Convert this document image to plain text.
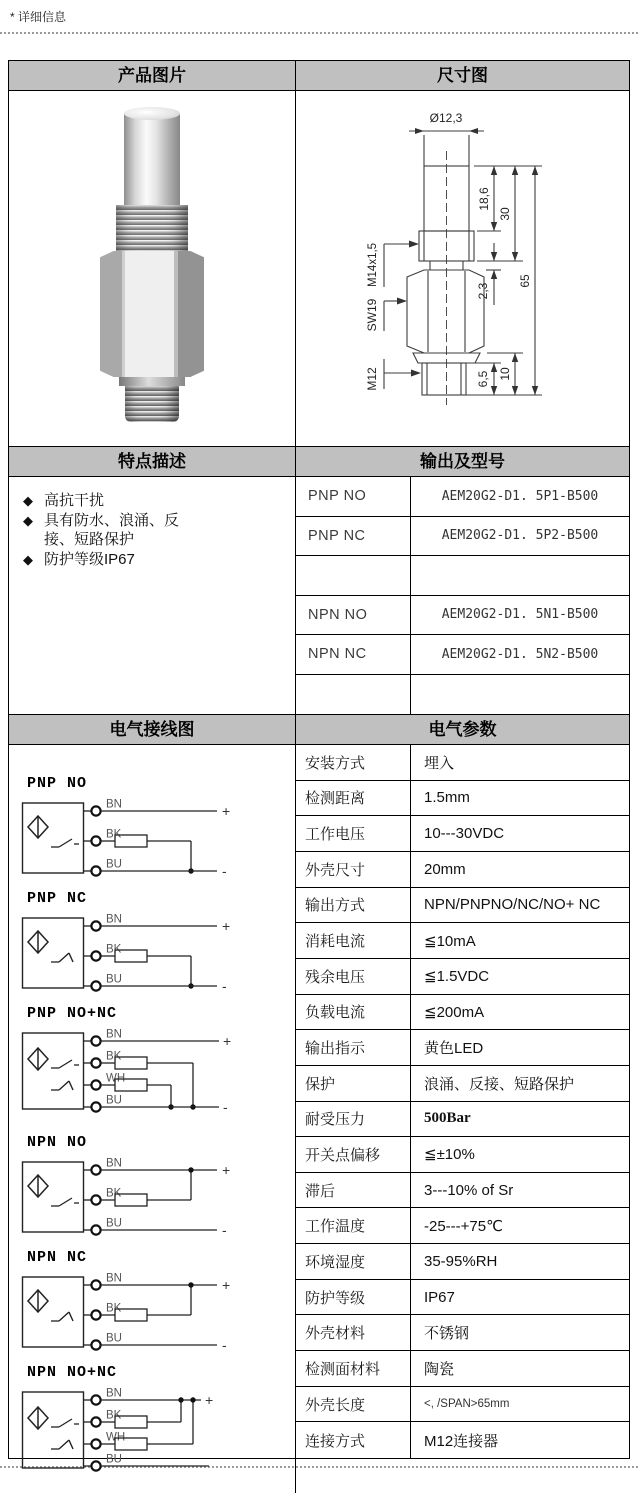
* 详细信息
产品图片	尺寸图
Ø12,3
18,6
30
65
2,3
6,5 10
M14x1,5
SW19
M12
特点描述	输出及型号
◆ 高抗干扰
◆ 具有防水、浪涌、反接、短路保护
◆ 防护等级IP67
PNP NO	AEM20G2-D1. 5P1-B500
PNP NC	AEM20G2-D1. 5P2-B500
NPN NO	AEM20G2-D1. 5N1-B500
NPN NC	AEM20G2-D1. 5N2-B500
电气接线图	电气参数
PNP NO
BN
BK
BU
+
-
PNP NC
BN
BK
BU
+
-
PNP NO+NC
BN
BK
WH
BU
+
-
NPN NO
BN
BK
BU
+
-
NPN NC
BN
BK
BU
+
-
NPN NO+NC
BN
BK
WH
BU
+
安装方式	埋入
检测距离	1.5mm
工作电压	10---30VDC
外壳尺寸	20mm
输出方式	NPN/PNPNO/NC/NO+ NC
消耗电流	≦10mA
残余电压	≦1.5VDC
负载电流	≦200mA
输出指示	黄色LED
保护	浪涌、反接、短路保护
耐受压力	500Bar
开关点偏移	≦±10%
滞后	3---10% of Sr
工作温度	-25---+75℃
环境湿度	35-95%RH
防护等级	IP67
外壳材料	不锈钢
检测面材料	陶瓷
外壳长度	<, /SPAN>65mm
连接方式	M12连接器
